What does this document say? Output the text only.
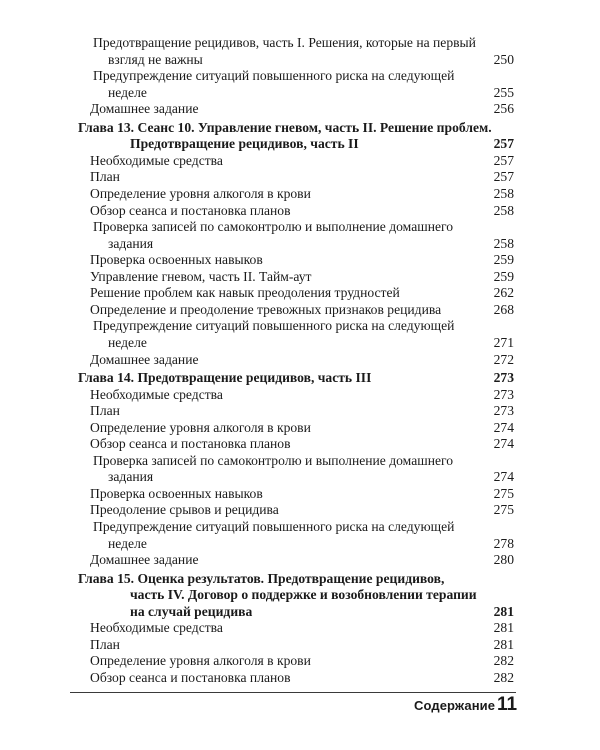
Предотвращение рецидивов, часть I. Решения, которые на первый
взгляд не важны	250
Предупреждение ситуаций повышенного риска на следующей
неделе	255
Домашнее задание	256
Глава 13. Сеанс 10. Управление гневом, часть II. Решение проблем.
Предотвращение рецидивов, часть II	257
Необходимые средства	257
План	257
Определение уровня алкоголя в крови	258
Обзор сеанса и постановка планов	258
Проверка записей по самоконтролю и выполнение домашнего
задания	258
Проверка освоенных навыков	259
Управление гневом, часть II. Тайм-аут	259
Решение проблем как навык преодоления трудностей	262
Определение и преодоление тревожных признаков рецидива	268
Предупреждение ситуаций повышенного риска на следующей
неделе	271
Домашнее задание	272
Глава 14. Предотвращение рецидивов, часть III	273
Необходимые средства	273
План	273
Определение уровня алкоголя в крови	274
Обзор сеанса и постановка планов	274
Проверка записей по самоконтролю и выполнение домашнего
задания	274
Проверка освоенных навыков	275
Преодоление срывов и рецидива	275
Предупреждение ситуаций повышенного риска на следующей
неделе	278
Домашнее задание	280
Глава 15. Оценка результатов. Предотвращение рецидивов,
часть IV. Договор о поддержке и возобновлении терапии
на случай рецидива	281
Необходимые средства	281
План	281
Определение уровня алкоголя в крови	282
Обзор сеанса и постановка планов	282
Содержание 11
